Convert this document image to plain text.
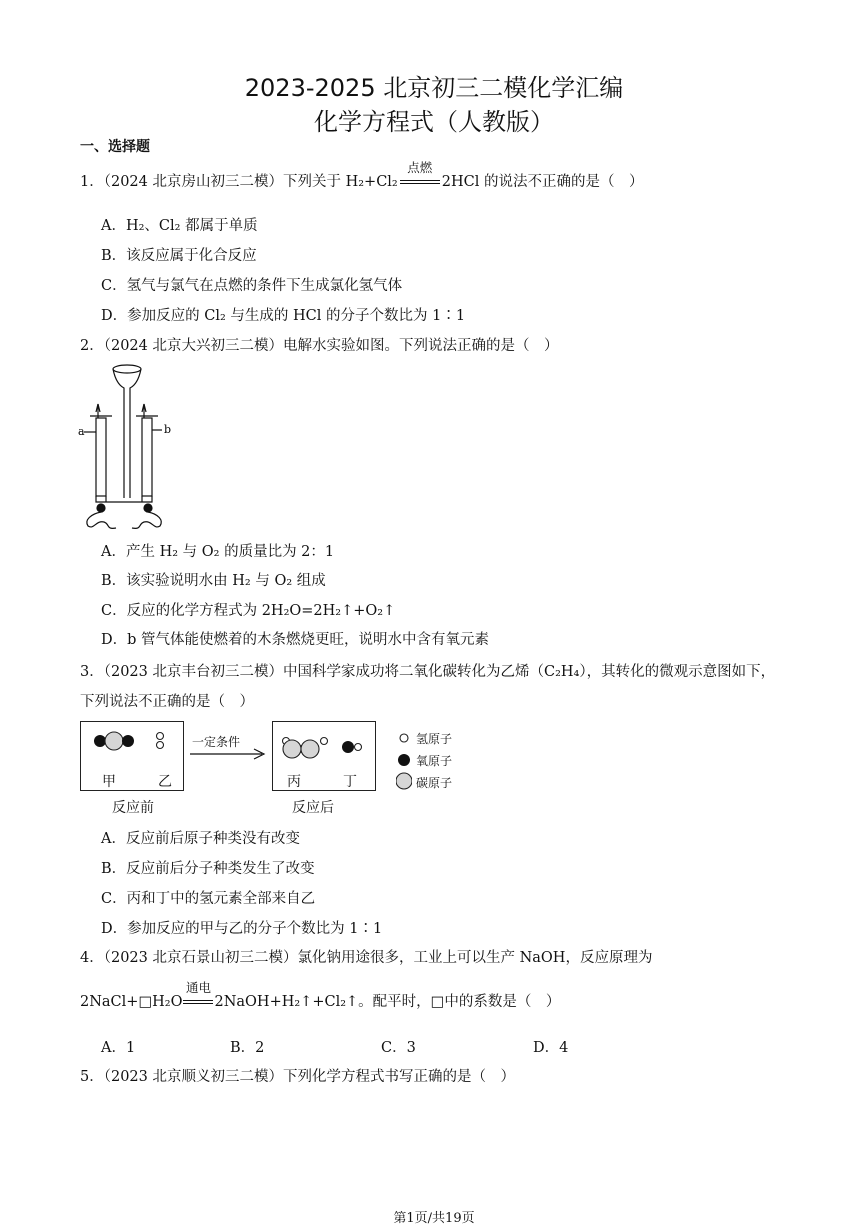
2023-2025 北京初三二模化学汇编
化学方程式（人教版）
一、选择题
1．（2024 北京房山初三二模）下列关于 H₂+Cl₂
点燃
2HCl 的说法不正确的是（　）
A．H₂、Cl₂ 都属于单质
B．该反应属于化合反应
C．氢气与氯气在点燃的条件下生成氯化氢气体
D．参加反应的 Cl₂ 与生成的 HCl 的分子个数比为 1∶1
2．（2024 北京大兴初三二模）电解水实验如图。下列说法正确的是（　）
a	b
A．产生 H₂ 与 O₂ 的质量比为 2：1
B．该实验说明水由 H₂ 与 O₂ 组成
C．反应的化学方程式为 2H₂O=2H₂↑+O₂↑
D．b 管气体能使燃着的木条燃烧更旺，说明水中含有氧元素
3．（2023 北京丰台初三二模）中国科学家成功将二氧化碳转化为乙烯（C₂H₄），其转化的微观示意图如下，
下列说法不正确的是（　）
甲	乙
反应前
一定条件
丙	丁
反应后
氢原子
氧原子
碳原子
A．反应前后原子种类没有改变
B．反应前后分子种类发生了改变
C．丙和丁中的氢元素全部来自乙
D．参加反应的甲与乙的分子个数比为 1∶1
4．（2023 北京石景山初三二模）氯化钠用途很多，工业上可以生产 NaOH，反应原理为
2NaCl+□H₂O
通电
2NaOH+H₂↑+Cl₂↑。配平时，□中的系数是（　）
A．1	B．2	C．3	D．4
5．（2023 北京顺义初三二模）下列化学方程式书写正确的是（　）
第1页/共19页
